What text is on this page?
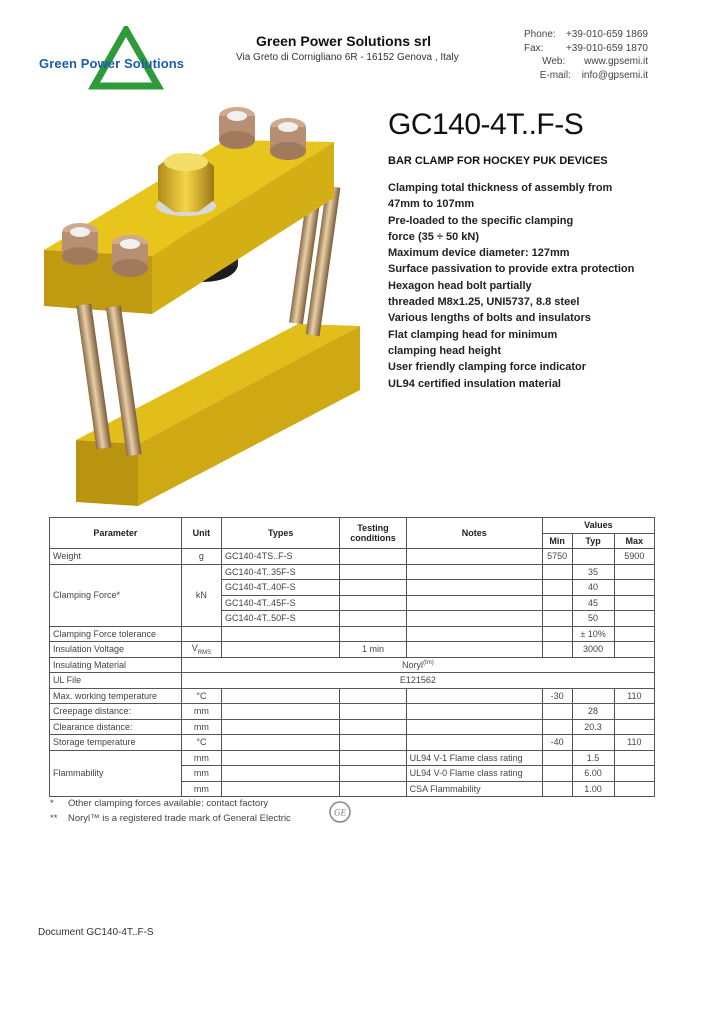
Green Power Solutions
Green Power Solutions srl
Via Greto di Cornigliano 6R - 16152 Genova , Italy
Phone: +39-010-659 1869
Fax: +39-010-659 1870
Web: www.gpsemi.it
E-mail: info@gpsemi.it
GC140-4T..F-S
BAR CLAMP FOR HOCKEY PUK DEVICES
Clamping total thickness of assembly from
47mm to 107mm
Pre-loaded to the specific clamping
force (35 ÷ 50 kN)
Maximum device diameter: 127mm
Surface passivation to provide extra protection
Hexagon head bolt partially
threaded M8x1.25, UNI5737, 8.8 steel
Various lengths of bolts and insulators
Flat clamping head for minimum
clamping head height
User friendly clamping force indicator
UL94 certified insulation material
Parameter	Unit	Types	Testing conditions	Notes	Values		
					Min	Typ	Max
Weight	g	GC140-4TS..F-S			5750		5900
Clamping Force*	kN	GC140-4T..35F-S				35	
		GC140-4T..40F-S				40	
		GC140-4T..45F-S				45	
		GC140-4T..50F-S				50	
Clamping Force tolerance						± 10%	
Insulation Voltage	$V_{RMS}$		1 min			3000	
Insulating Material	Noryl$^{(tm)}$
UL File	E121562						
Max. working temperature	°C				-30		110
Creepage distance:	mm					28	
Clearance distance:	mm					20.3	
Storage temperature	°C				-40		110
Flammability	mm			UL94 V-1 Flame class rating		1.5	
	mm			UL94 V-0 Flame class rating		6.00	
	mm			CSA Flammability		1.00	
* Other clamping forces available: contact factory
** Noryl™ is a registered trade mark of General Electric
GE
Document GC140-4T..F-S
